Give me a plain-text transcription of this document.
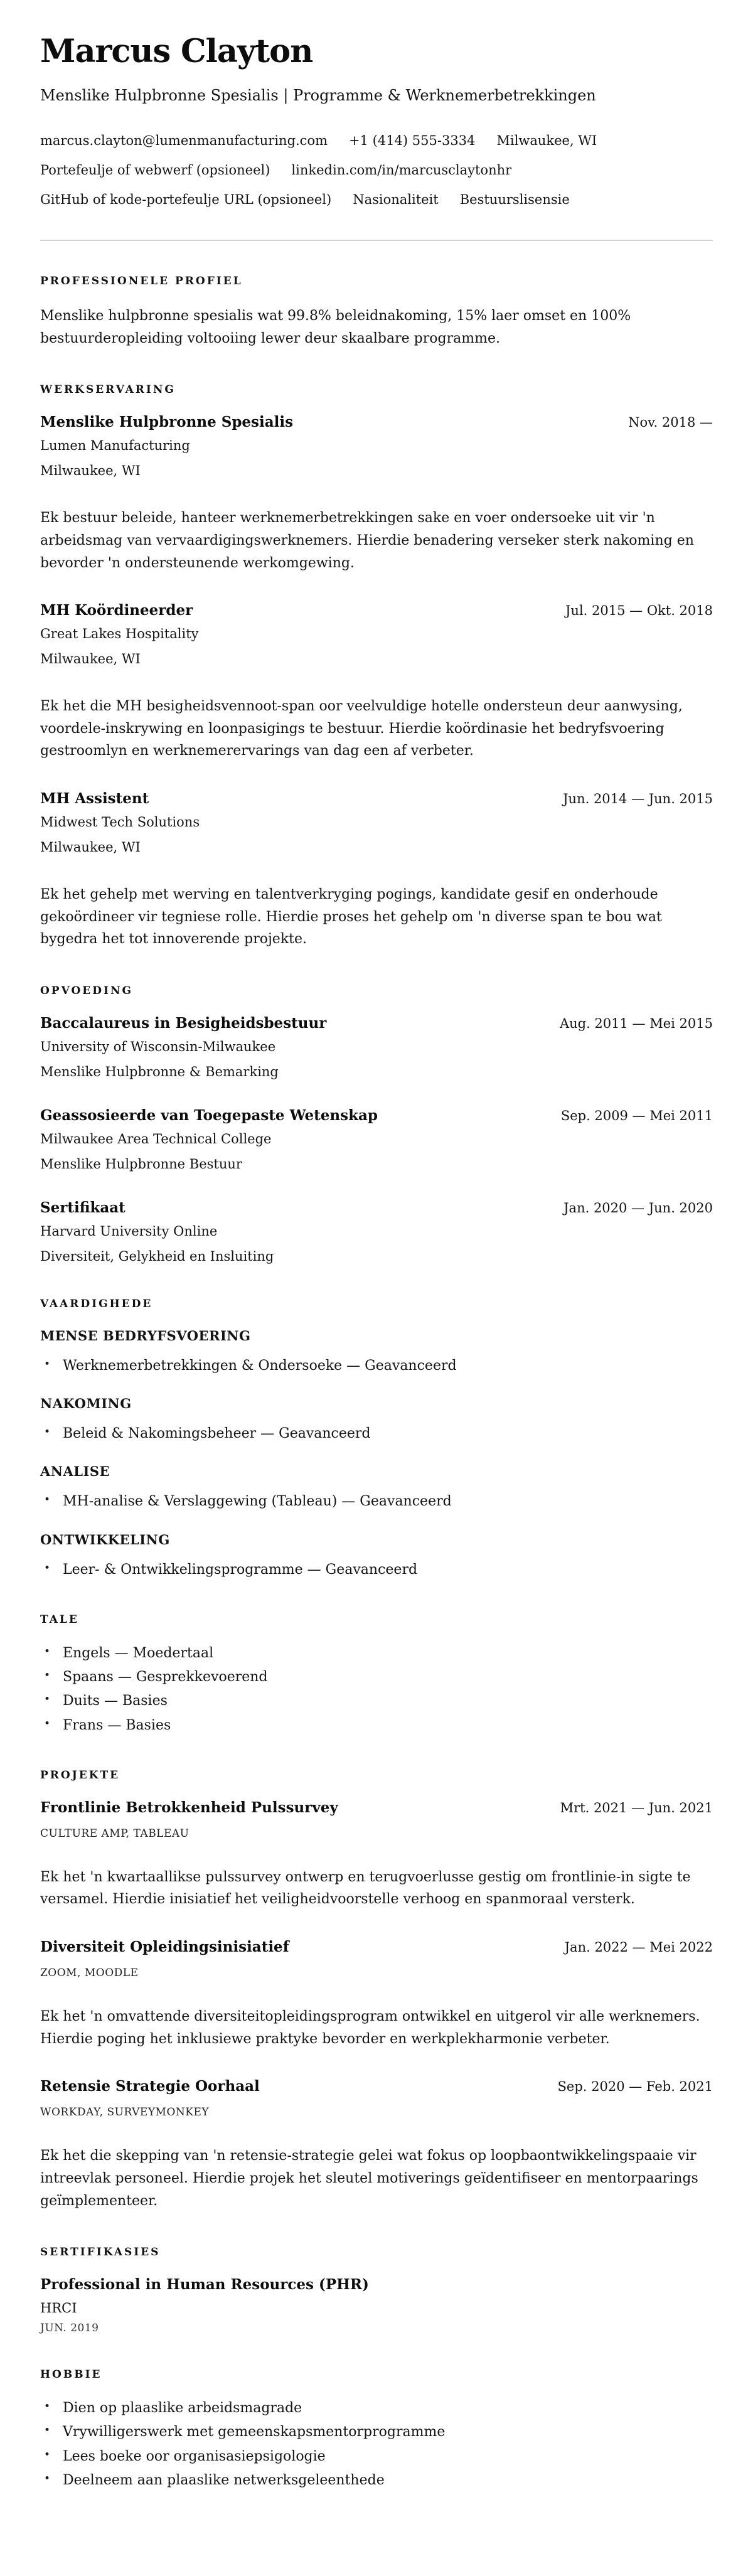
Marcus Clayton
Menslike Hulpbronne Spesialis | Programme & Werknemerbetrekkingen
marcus.clayton@lumenmanufacturing.com +1 (414) 555-3334 Milwaukee, WI
Portefeulje of webwerf (opsioneel) linkedin.com/in/marcusclaytonhr
GitHub of kode-portefeulje URL (opsioneel) Nasionaliteit Bestuurslisensie
PROFESSIONELE PROFIEL

Menslike hulpbronne spesialis wat 99.8% beleidnakoming, 15% laer omset en 100% bestuurderopleiding voltooiing lewer deur skaalbare programme.

WERKSERVARING
Menslike Hulpbronne Spesialis	Nov. 2018 —
Lumen Manufacturing
Milwaukee, WI

Ek bestuur beleide, hanteer werknemerbetrekkingen sake en voer ondersoeke uit vir 'n arbeidsmag van vervaardigingswerknemers. Hierdie benadering verseker sterk nakoming en bevorder 'n ondersteunende werkomgewing.

MH Koördineerder	Jul. 2015 — Okt. 2018
Great Lakes Hospitality
Milwaukee, WI

Ek het die MH besigheidsvennoot-span oor veelvuldige hotelle ondersteun deur aanwysing, voordele-inskrywing en loonpasigings te bestuur. Hierdie koördinasie het bedryfsvoering gestroomlyn en werknemerervarings van dag een af verbeter.

MH Assistent	Jun. 2014 — Jun. 2015
Midwest Tech Solutions
Milwaukee, WI

Ek het gehelp met werving en talentverkryging pogings, kandidate gesif en onderhoude gekoördineer vir tegniese rolle. Hierdie proses het gehelp om 'n diverse span te bou wat bygedra het tot innoverende projekte.

OPVOEDING
Baccalaureus in Besigheidsbestuur	Aug. 2011 — Mei 2015
University of Wisconsin-Milwaukee
Menslike Hulpbronne & Bemarking
Geassosieerde van Toegepaste Wetenskap	Sep. 2009 — Mei 2011
Milwaukee Area Technical College
Menslike Hulpbronne Bestuur
Sertifikaat	Jan. 2020 — Jun. 2020
Harvard University Online
Diversiteit, Gelykheid en Insluiting
VAARDIGHEDE
MENSE BEDRYFSVOERING
• Werknemerbetrekkingen & Ondersoeke — Geavanceerd
NAKOMING
• Beleid & Nakomingsbeheer — Geavanceerd
ANALISE
• MH-analise & Verslaggewing (Tableau) — Geavanceerd
ONTWIKKELING
• Leer- & Ontwikkelingsprogramme — Geavanceerd
TALE
• Engels — Moedertaal
• Spaans — Gesprekkevoerend
• Duits — Basies
• Frans — Basies
PROJEKTE
Frontlinie Betrokkenheid Pulssurvey	Mrt. 2021 — Jun. 2021
CULTURE AMP, TABLEAU

Ek het 'n kwartaallikse pulssurvey ontwerp en terugvoerlusse gestig om frontlinie-in sigte te versamel. Hierdie inisiatief het veiligheidvoorstelle verhoog en spanmoraal versterk.

Diversiteit Opleidingsinisiatief	Jan. 2022 — Mei 2022
ZOOM, MOODLE

Ek het 'n omvattende diversiteitopleidingsprogram ontwikkel en uitgerol vir alle werknemers. Hierdie poging het inklusiewe praktyke bevorder en werkplekharmonie verbeter.

Retensie Strategie Oorhaal	Sep. 2020 — Feb. 2021
WORKDAY, SURVEYMONKEY

Ek het die skepping van 'n retensie-strategie gelei wat fokus op loopbaontwikkelingspaaie vir intreevlak personeel. Hierdie projek het sleutel motiverings geïdentifiseer en mentorpaarings geïmplementeer.

SERTIFIKASIES
Professional in Human Resources (PHR)
HRCI
JUN. 2019
HOBBIE
• Dien op plaaslike arbeidsmagrade
• Vrywilligerswerk met gemeenskapsmentorprogramme
• Lees boeke oor organisasiepsigologie
• Deelneem aan plaaslike netwerksgeleenthede
